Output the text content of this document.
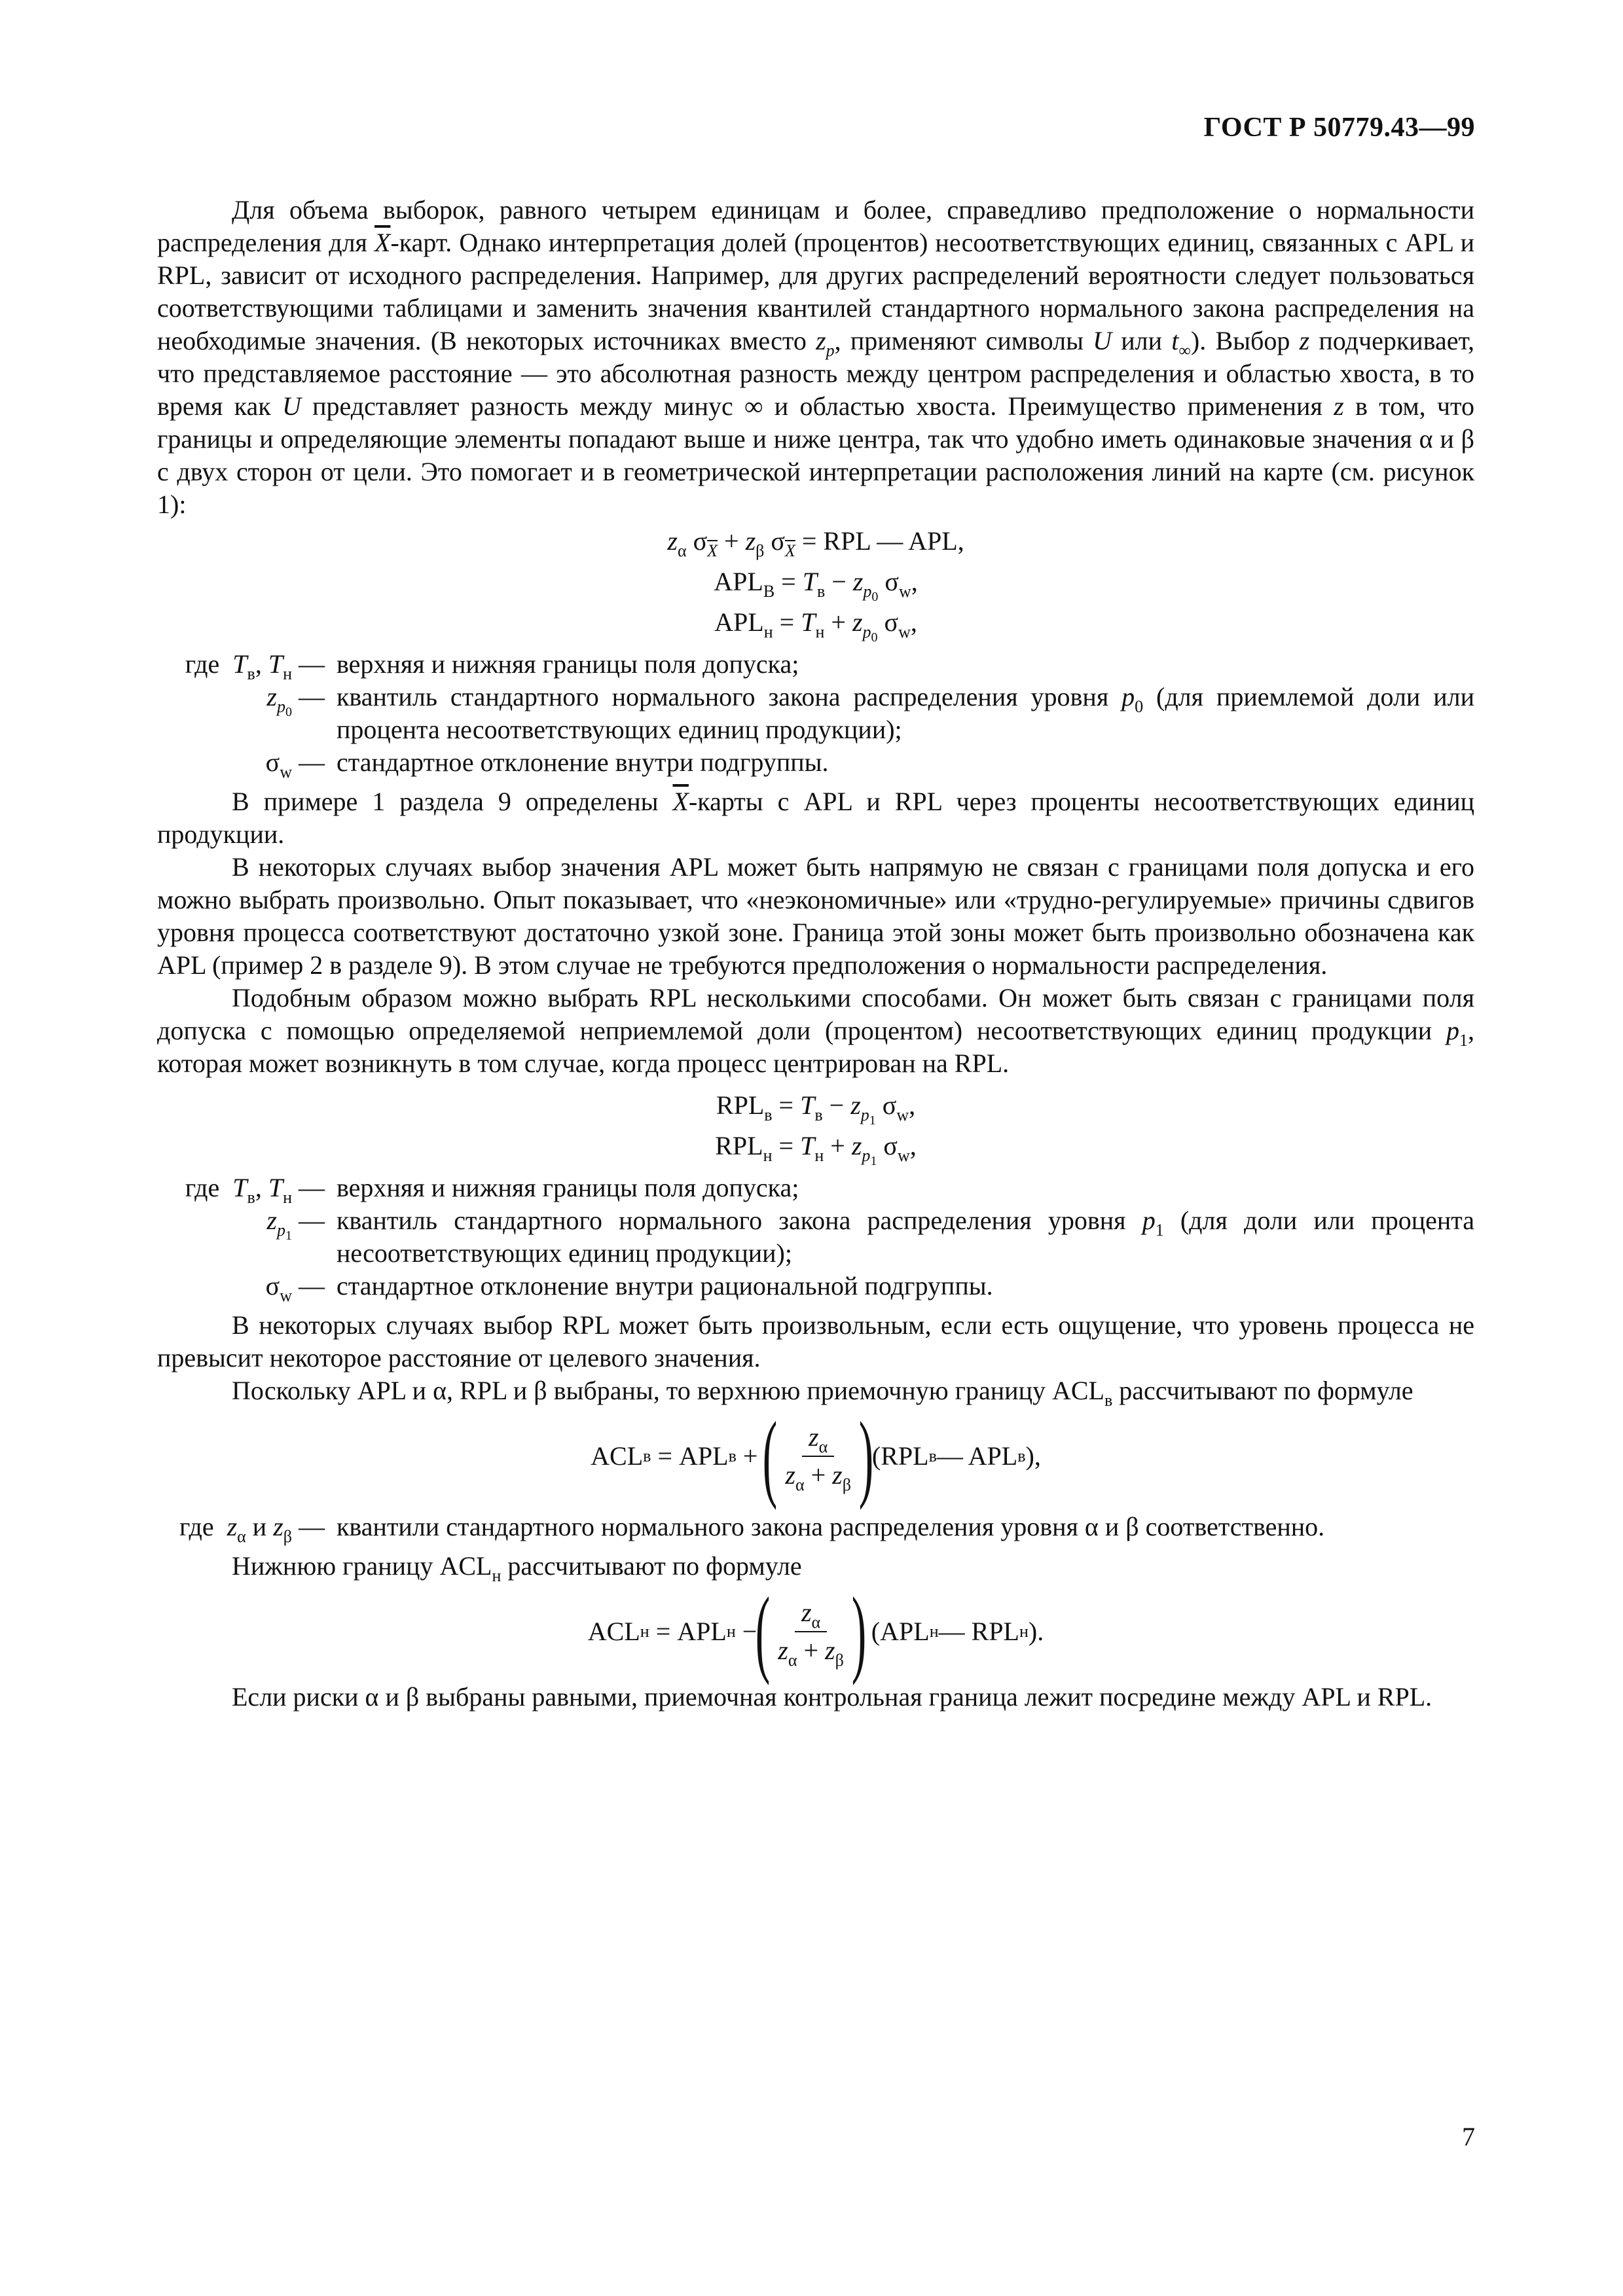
ГОСТ Р 50779.43—99

Для объема выборок, равного четырем единицам и более, справедливо предположение о нормальности распределения для $\overline{X}$-карт. Однако интерпретация долей (процентов) несоответствующих единиц, связанных с APL и RPL, зависит от исходного распределения. Например, для других распределений вероятности следует пользоваться соответствующими таблицами и заменить значения квантилей стандартного нормального закона распределения на необходимые значения. (В некоторых источниках вместо $z_p$, применяют символы U или $t_\infty$). Выбор z подчеркивает, что представляемое расстояние — это абсолютная разность между центром распределения и областью хвоста, в то время как U представляет разность между минус ∞ и областью хвоста. Преимущество применения z в том, что границы и определяющие элементы попадают выше и ниже центра, так что удобно иметь одинаковые значения α и β с двух сторон от цели. Это помогает и в геометрической интерпретации расположения линий на карте (см. рисунок 1):

$z_\alpha$ $\sigma_{\overline{X}} + z_\beta$ $\sigma_{\overline{X}}$ = RPL — APL,
$APL_В = T_в - z_{p_0}$ $\sigma_w$,
$APL_н = T_н + z_{p_0}$ $\sigma_w$,
где  $T_в$, $T_н$ — верхняя и нижняя границы поля допуска;
$z_{p_0}$ — квантиль стандартного нормального закона распределения уровня $p_0$ (для приемлемой доли или процента несоответствующих единиц продукции);
$\sigma_w$ — стандартное отклонение внутри подгруппы.

В примере 1 раздела 9 определены $\overline{X}$-карты с APL и RPL через проценты несоответствующих единиц продукции.

В некоторых случаях выбор значения APL может быть напрямую не связан с границами поля допуска и его можно выбрать произвольно. Опыт показывает, что «неэкономичные» или «трудно-регулируемые» причины сдвигов уровня процесса соответствуют достаточно узкой зоне. Граница этой зоны может быть произвольно обозначена как APL (пример 2 в разделе 9). В этом случае не требуются предположения о нормальности распределения.

Подобным образом можно выбрать RPL несколькими способами. Он может быть связан с границами поля допуска с помощью определяемой неприемлемой доли (процентом) несоответствующих единиц продукции $p_1$, которая может возникнуть в том случае, когда процесс центрирован на RPL.

$RPL_в = T_в - z_{p_1}$ $\sigma_w$,
$RPL_н = T_н + z_{p_1}$ $\sigma_w$,
где  $T_в$, $T_н$ — верхняя и нижняя границы поля допуска;
$z_{p_1}$ — квантиль стандартного нормального закона распределения уровня $p_1$ (для доли или процента несоответствующих единиц продукции);
$\sigma_w$ — стандартное отклонение внутри рациональной подгруппы.

В некоторых случаях выбор RPL может быть произвольным, если есть ощущение, что уровень процесса не превысит некоторое расстояние от целевого значения.

Поскольку APL и α, RPL и β выбраны, то верхнюю приемочную границу $ACL_в$ рассчитывают по формуле

ACL в = APL в +
( $\frac{z_\alpha}{z_\alpha + z_\beta}$ )
(RPL в — APL в ),
где  $z_\alpha$ и $z_\beta$ — квантили стандартного нормального закона распределения уровня α и β соответственно.

Нижнюю границу $ACL_н$ рассчитывают по формуле

ACL н = APL н −
( $\frac{z_\alpha}{z_\alpha + z_\beta}$ )
(APL н — RPL н ).

Если риски α и β выбраны равными, приемочная контрольная граница лежит посредине между APL и RPL.

7
